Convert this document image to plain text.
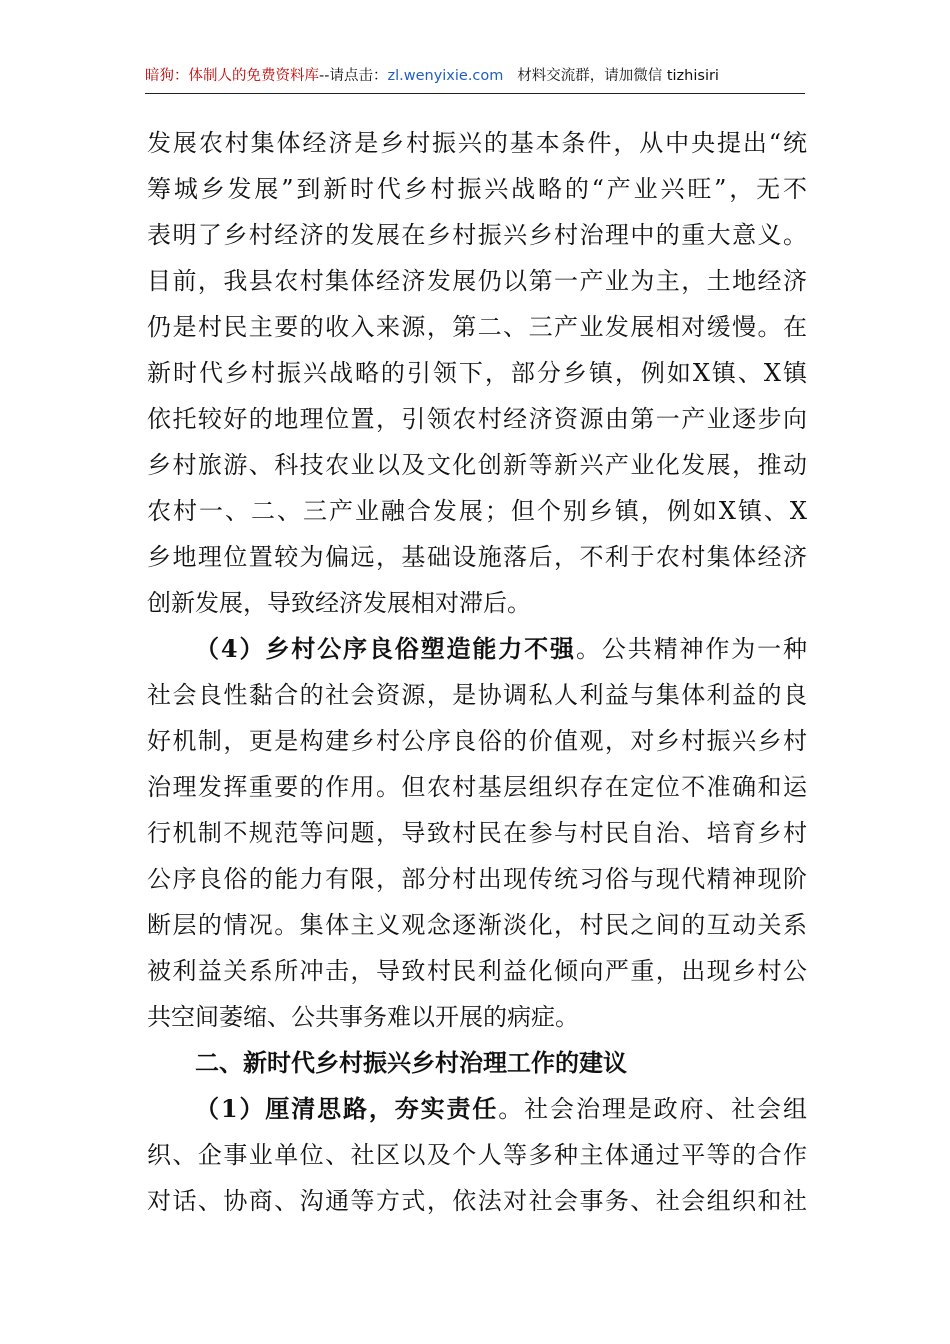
暗狗：体制人的免费资料库--请点击：zl.wenyixie.com 材料交流群，请加微信 tizhisiri
发展农村集体经济是乡村振兴的基本条件，从中央提出“统
筹城乡发展”到新时代乡村振兴战略的“产业兴旺”，无不
表明了乡村经济的发展在乡村振兴乡村治理中的重大意义。
目前，我县农村集体经济发展仍以第一产业为主，土地经济
仍是村民主要的收入来源，第二、三产业发展相对缓慢。在
新时代乡村振兴战略的引领下，部分乡镇，例如X镇、X镇
依托较好的地理位置，引领农村经济资源由第一产业逐步向
乡村旅游、科技农业以及文化创新等新兴产业化发展，推动
农村一、二、三产业融合发展；但个别乡镇，例如X镇、X
乡地理位置较为偏远，基础设施落后，不利于农村集体经济
创新发展，导致经济发展相对滞后。
（4）乡村公序良俗塑造能力不强。公共精神作为一种
社会良性黏合的社会资源，是协调私人利益与集体利益的良
好机制，更是构建乡村公序良俗的价值观，对乡村振兴乡村
治理发挥重要的作用。但农村基层组织存在定位不准确和运
行机制不规范等问题，导致村民在参与村民自治、培育乡村
公序良俗的能力有限，部分村出现传统习俗与现代精神现阶
断层的情况。集体主义观念逐渐淡化，村民之间的互动关系
被利益关系所冲击，导致村民利益化倾向严重，出现乡村公
共空间萎缩、公共事务难以开展的病症。
二、新时代乡村振兴乡村治理工作的建议
（1）厘清思路，夯实责任。社会治理是政府、社会组
织、企事业单位、社区以及个人等多种主体通过平等的合作
对话、协商、沟通等方式，依法对社会事务、社会组织和社
